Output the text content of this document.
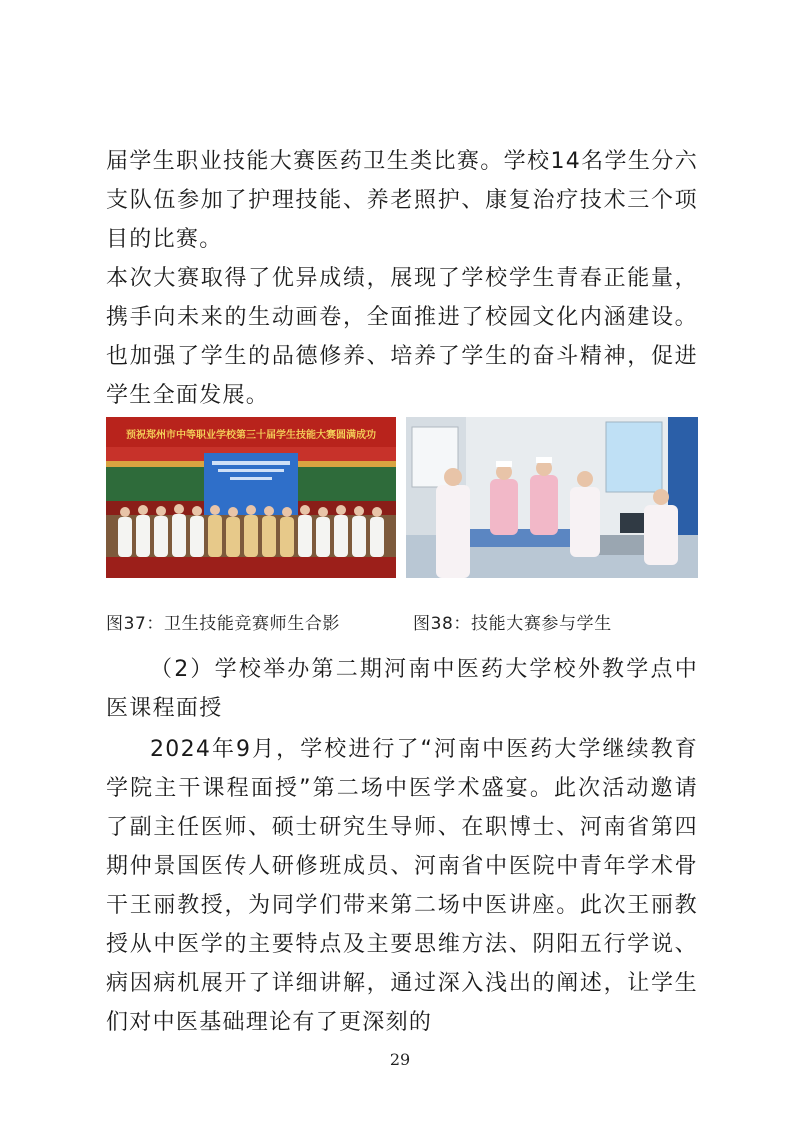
届学生职业技能大赛医药卫生类比赛。学校14名学生分六支队伍参加了护理技能、养老照护、康复治疗技术三个项目的比赛。

本次大赛取得了优异成绩，展现了学校学生青春正能量，携手向未来的生动画卷，全面推进了校园文化内涵建设。也加强了学生的品德修养、培养了学生的奋斗精神，促进学生全面发展。

预祝郑州市中等职业学校第三十届学生技能大赛圆满成功
图37：卫生技能竞赛师生合影	图38：技能大赛参与学生

（2）学校举办第二期河南中医药大学校外教学点中医课程面授

2024年9月，学校进行了“河南中医药大学继续教育学院主干课程面授”第二场中医学术盛宴。此次活动邀请了副主任医师、硕士研究生导师、在职博士、河南省第四期仲景国医传人研修班成员、河南省中医院中青年学术骨干王丽教授，为同学们带来第二场中医讲座。此次王丽教授从中医学的主要特点及主要思维方法、阴阳五行学说、病因病机展开了详细讲解，通过深入浅出的阐述，让学生们对中医基础理论有了更深刻的

29
